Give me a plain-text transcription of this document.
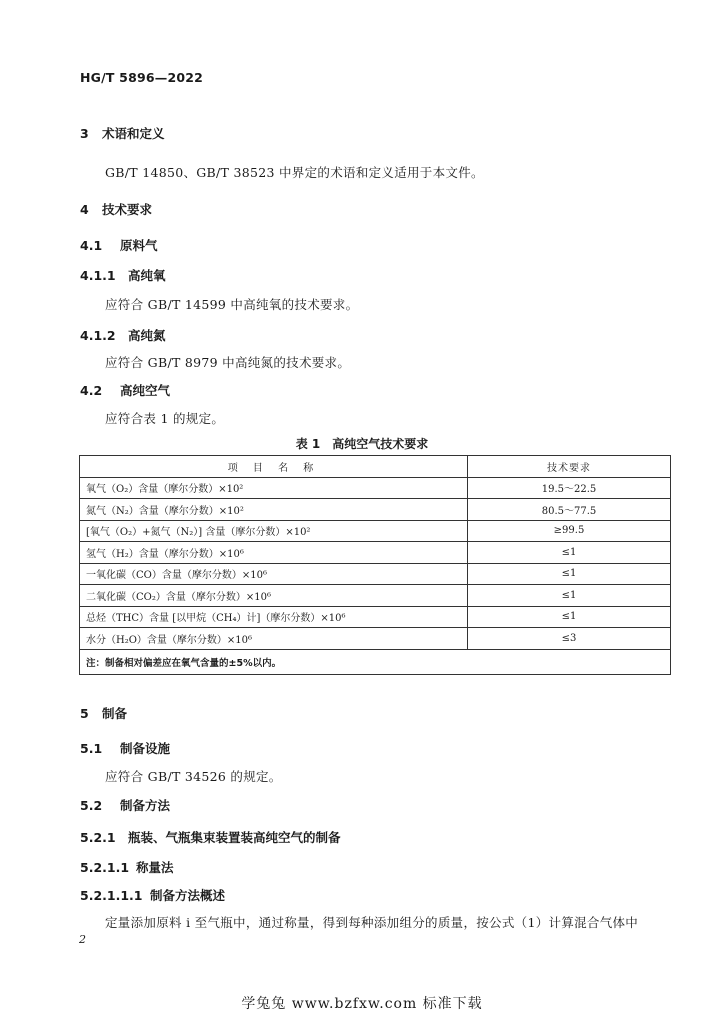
HG/T 5896—2022
3 术语和定义
GB/T 14850、GB/T 38523 中界定的术语和定义适用于本文件。
4 技术要求
4.1 原料气
4.1.1 高纯氧
应符合 GB/T 14599 中高纯氧的技术要求。
4.1.2 高纯氮
应符合 GB/T 8979 中高纯氮的技术要求。
4.2 高纯空气
应符合表 1 的规定。
表 1　高纯空气技术要求
项 目 名 称	技术要求
氧气（O₂）含量（摩尔分数）×10²	19.5～22.5
氮气（N₂）含量（摩尔分数）×10²	80.5～77.5
[氧气（O₂）+氮气（N₂）] 含量（摩尔分数）×10²	≥99.5
氢气（H₂）含量（摩尔分数）×10⁶	≤1
一氧化碳（CO）含量（摩尔分数）×10⁶	≤1
二氧化碳（CO₂）含量（摩尔分数）×10⁶	≤1
总烃（THC）含量 [以甲烷（CH₄）计]（摩尔分数）×10⁶	≤1
水分（H₂O）含量（摩尔分数）×10⁶	≤3
注：制备相对偏差应在氧气含量的±5%以内。	
5 制备
5.1 制备设施
应符合 GB/T 34526 的规定。
5.2 制备方法
5.2.1 瓶装、气瓶集束装置装高纯空气的制备
5.2.1.1 称量法
5.2.1.1.1 制备方法概述
定量添加原料 i 至气瓶中，通过称量，得到每种添加组分的质量，按公式（1）计算混合气体中
2
学兔兔 www.bzfxw.com 标准下载
